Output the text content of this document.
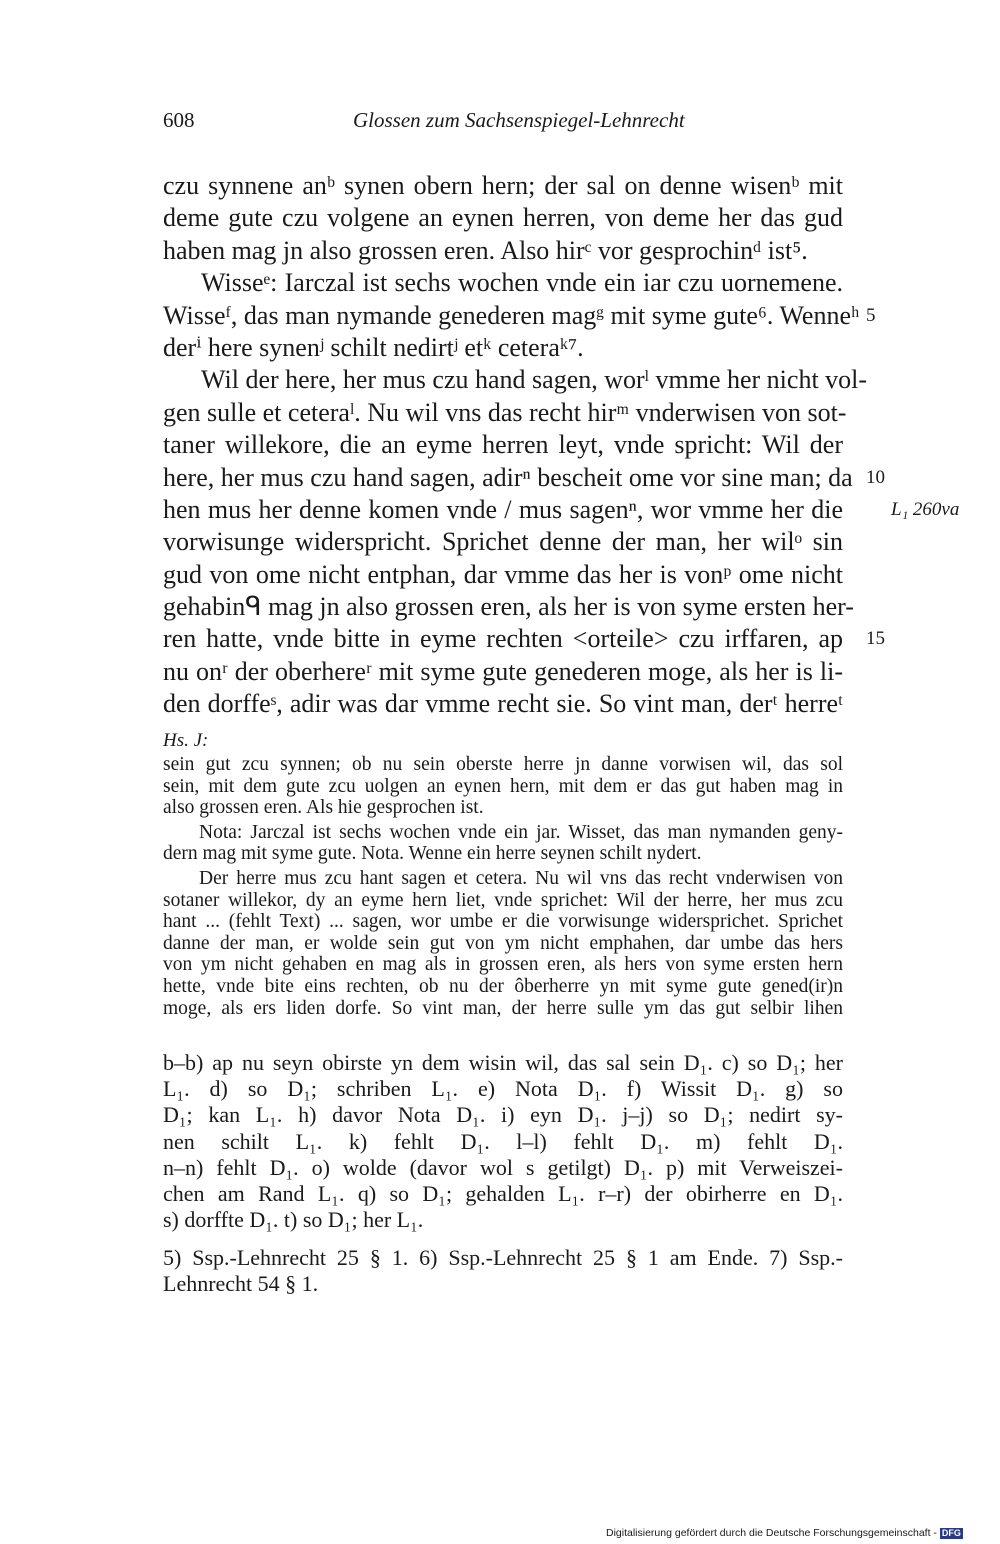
608	Glossen zum Sachsenspiegel-Lehnrecht
czu synnene anᵇ synen obern hern; der sal on denne wisenᵇ mit
deme gute czu volgene an eynen herren, von deme her das gud
haben mag jn also grossen eren. Also hirᶜ vor gesprochinᵈ ist⁵.
Wisseᵉ: Iarczal ist sechs wochen vnde ein iar czu uornemene.
Wisseᶠ, das man nymande genederen magᵍ mit syme gute⁶. Wenneʰ 5
derⁱ here synenʲ schilt nedirtʲ etᵏ ceteraᵏ⁷.
Wil der here, her mus czu hand sagen, worˡ vmme her nicht vol-
gen sulle et ceteraˡ. Nu wil vns das recht hirᵐ vnderwisen von sot-
taner willekore, die an eyme herren leyt, vnde spricht: Wil der
here, her mus czu hand sagen, adirⁿ bescheit ome vor sine man; da 10
hen mus her denne komen vnde / mus sagenⁿ, wor vmme her die	L₁ 260va
vorwisunge widerspricht. Sprichet denne der man, her wilᵒ sin
gud von ome nicht entphan, dar vmme das her is vonᵖ ome nicht
gehabinᑫ mag jn also grossen eren, als her is von syme ersten her-
ren hatte, vnde bitte in eyme rechten <orteile> czu irffaren, ap 15
nu onʳ der oberhereʳ mit syme gute genederen moge, als her is li-
den dorffeˢ, adir was dar vmme recht sie. So vint man, derᵗ herreᵗ
Hs. J:
sein gut zcu synnen; ob nu sein oberste herre jn danne vorwisen wil, das sol
sein, mit dem gute zcu uolgen an eynen hern, mit dem er das gut haben mag in
also grossen eren. Als hie gesprochen ist.
Nota: Jarczal ist sechs wochen vnde ein jar. Wisset, das man nymanden geny-
dern mag mit syme gute. Nota. Wenne ein herre seynen schilt nydert.
Der herre mus zcu hant sagen et cetera. Nu wil vns das recht vnderwisen von
sotaner willekor, dy an eyme hern liet, vnde sprichet: Wil der herre, her mus zcu
hant ... (fehlt Text) ... sagen, wor umbe er die vorwisunge widersprichet. Sprichet
danne der man, er wolde sein gut von ym nicht emphahen, dar umbe das hers
von ym nicht gehaben en mag als in grossen eren, als hers von syme ersten hern
hette, vnde bite eins rechten, ob nu der ôberherre yn mit syme gute gened(ir)n
moge, als ers liden dorfe. So vint man, der herre sulle ym das gut selbir lihen
b–b) ap nu seyn obirste yn dem wisin wil, das sal sein D₁. c) so D₁; her
L₁. d) so D₁; schriben L₁. e) Nota D₁. f) Wissit D₁. g) so
D₁; kan L₁. h) davor Nota D₁. i) eyn D₁. j–j) so D₁; nedirt sy-
nen schilt L₁. k) fehlt D₁. l–l) fehlt D₁. m) fehlt D₁.
n–n) fehlt D₁. o) wolde (davor wol s getilgt) D₁. p) mit Verweiszei-
chen am Rand L₁. q) so D₁; gehalden L₁. r–r) der obirherre en D₁.
s) dorffte D₁. t) so D₁; her L₁.
5) Ssp.-Lehnrecht 25 § 1. 6) Ssp.-Lehnrecht 25 § 1 am Ende. 7) Ssp.-
Lehnrecht 54 § 1.
Digitalisierung gefördert durch die Deutsche Forschungsgemeinschaft - DFG
